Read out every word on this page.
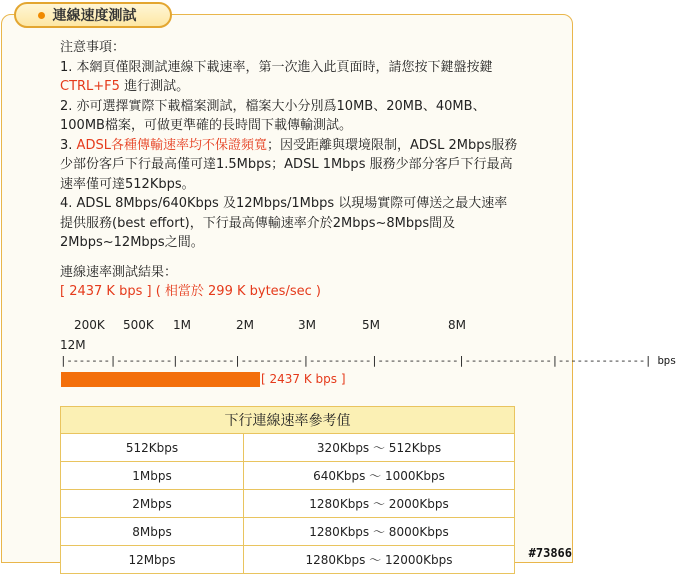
連線速度測試
注意事項：
1. 本網頁僅限測試連線下載速率，第一次進入此頁面時，請您按下鍵盤按鍵 CTRL+F5 進行測試。
2. 亦可選擇實際下載檔案測試，檔案大小分別爲10MB、20MB、40MB、100MB檔案，可做更準確的長時間下載傳輸測試。
3. ADSL各種傳輸速率均不保證頻寬；因受距離與環境限制，ADSL 2Mbps服務少部份客戶下行最高僅可達1.5Mbps；ADSL 1Mbps 服務少部分客戶下行最高速率僅可達512Kbps。
4. ADSL 8Mbps/640Kbps 及12Mbps/1Mbps 以現場實際可傳送之最大速率提供服務(best effort)，下行最高傳輸速率介於2Mbps~8Mbps間及2Mbps~12Mbps之間。
連線速率測試結果：
[ 2437 K bps ] ( 相當於 299 K bytes/sec )
200K 500K 1M	2M	3M	5M	8M
12M
|-------|---------|---------|----------|----------|-------------|--------------|--------------| bps
[ 2437 K bps ]
下行連線速率參考值	
512Kbps	320Kbps ～ 512Kbps
1Mbps	640Kbps ～ 1000Kbps
2Mbps	1280Kbps ～ 2000Kbps
8Mbps	1280Kbps ～ 8000Kbps
12Mbps	1280Kbps ～ 12000Kbps	#73866
